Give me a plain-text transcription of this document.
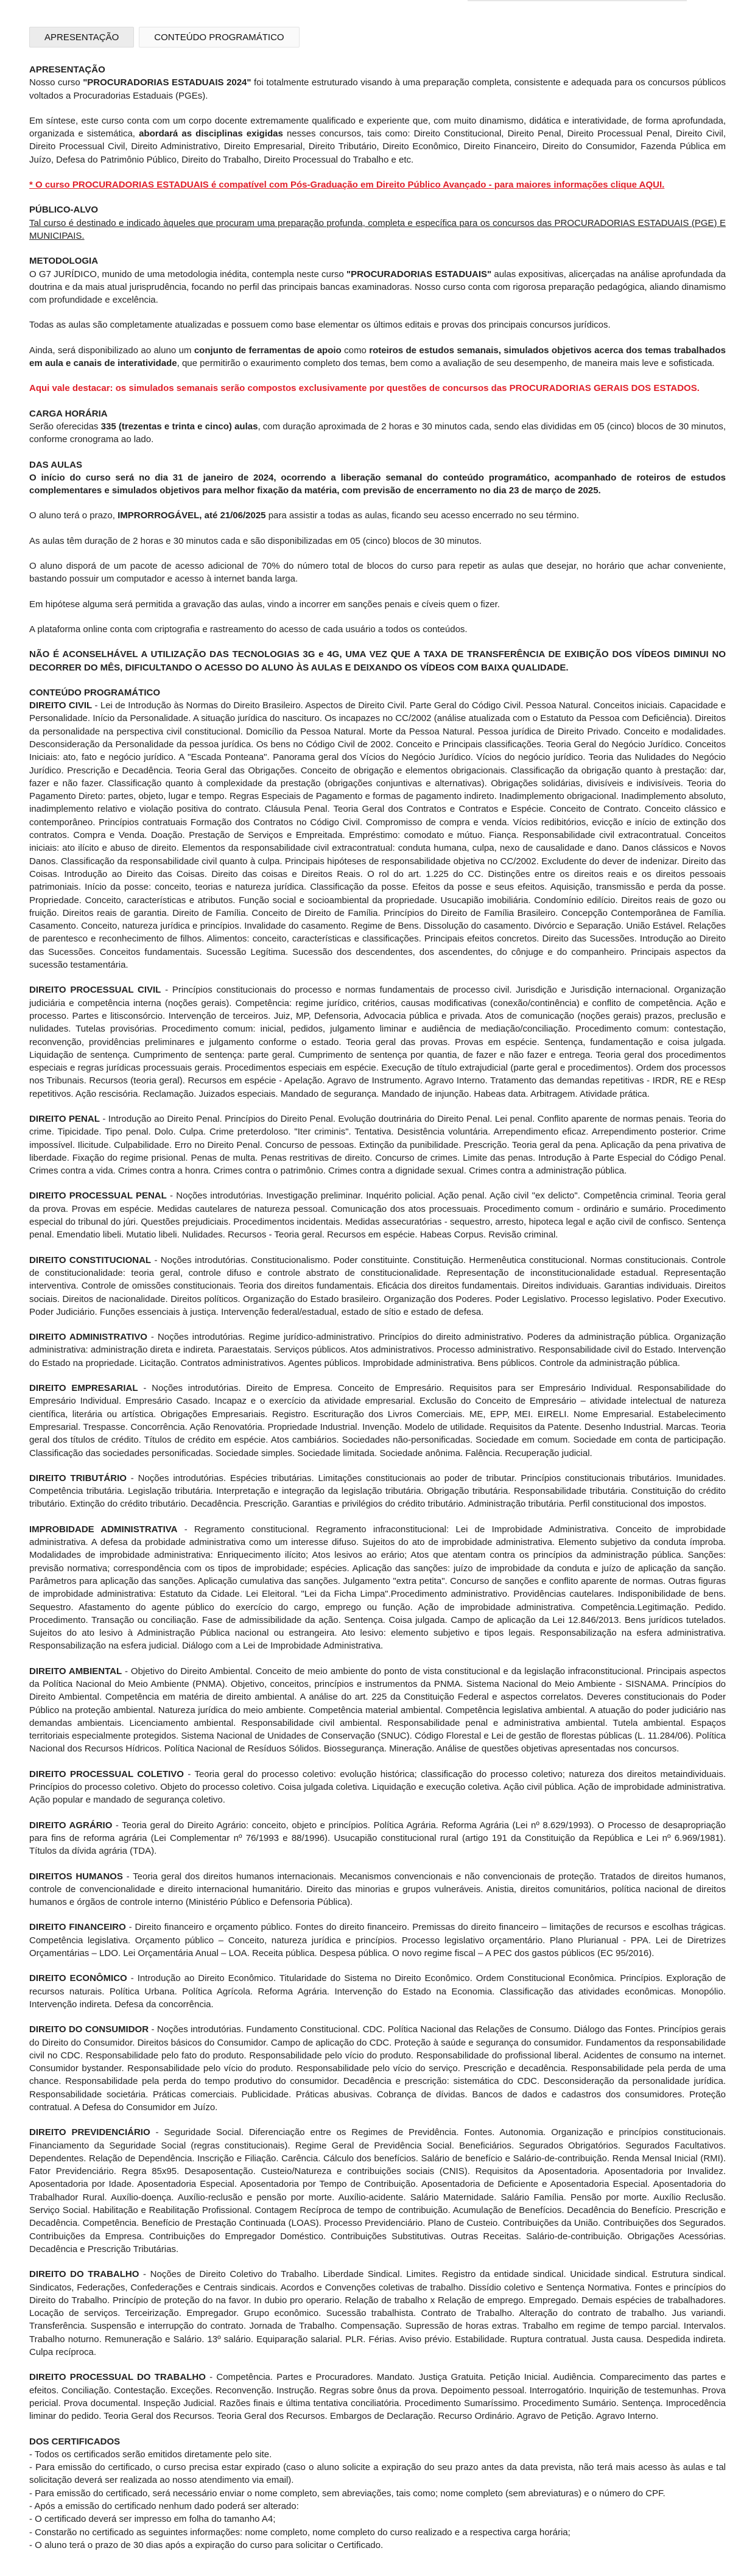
APRESENTAÇÃO	CONTEÚDO PROGRAMÁTICO
APRESENTAÇÃO

Nosso curso "PROCURADORIAS ESTADUAIS 2024" foi totalmente estruturado visando à uma preparação completa, consistente e adequada para os concursos públicos voltados a Procuradorias Estaduais (PGEs).

Em síntese, este curso conta com um corpo docente extremamente qualificado e experiente que, com muito dinamismo, didática e interatividade, de forma aprofundada, organizada e sistemática, abordará as disciplinas exigidas nesses concursos, tais como: Direito Constitucional, Direito Penal, Direito Processual Penal, Direito Civil, Direito Processual Civil, Direito Administrativo, Direito Empresarial, Direito Tributário, Direito Econômico, Direito Financeiro, Direito do Consumidor, Fazenda Pública em Juízo, Defesa do Patrimônio Público, Direito do Trabalho, Direito Processual do Trabalho e etc.

* O curso PROCURADORIAS ESTADUAIS é compatível com Pós-Graduação em Direito Público Avançado - para maiores informações clique AQUI.

PÚBLICO-ALVO

Tal curso é destinado e indicado àqueles que procuram uma preparação profunda, completa e específica para os concursos das PROCURADORIAS ESTADUAIS (PGE) E MUNICIPAIS.

METODOLOGIA

O G7 JURÍDICO, munido de uma metodologia inédita, contempla neste curso "PROCURADORIAS ESTADUAIS" aulas expositivas, alicerçadas na análise aprofundada da doutrina e da mais atual jurisprudência, focando no perfil das principais bancas examinadoras. Nosso curso conta com rigorosa preparação pedagógica, aliando dinamismo com profundidade e excelência.

Todas as aulas são completamente atualizadas e possuem como base elementar os últimos editais e provas dos principais concursos jurídicos.

Ainda, será disponibilizado ao aluno um conjunto de ferramentas de apoio como roteiros de estudos semanais, simulados objetivos acerca dos temas trabalhados em aula e canais de interatividade, que permitirão o exaurimento completo dos temas, bem como a avaliação de seu desempenho, de maneira mais leve e sofisticada.

Aqui vale destacar: os simulados semanais serão compostos exclusivamente por questões de concursos das PROCURADORIAS GERAIS DOS ESTADOS.

CARGA HORÁRIA

Serão oferecidas 335 (trezentas e trinta e cinco) aulas, com duração aproximada de 2 horas e 30 minutos cada, sendo elas divididas em 05 (cinco) blocos de 30 minutos, conforme cronograma ao lado.

DAS AULAS

O início do curso será no dia 31 de janeiro de 2024, ocorrendo a liberação semanal do conteúdo programático, acompanhado de roteiros de estudos complementares e simulados objetivos para melhor fixação da matéria, com previsão de encerramento no dia 23 de março de 2025.

O aluno terá o prazo, IMPRORROGÁVEL, até 21/06/2025 para assistir a todas as aulas, ficando seu acesso encerrado no seu término.

As aulas têm duração de 2 horas e 30 minutos cada e são disponibilizadas em 05 (cinco) blocos de 30 minutos.

O aluno disporá de um pacote de acesso adicional de 70% do número total de blocos do curso para repetir as aulas que desejar, no horário que achar conveniente, bastando possuir um computador e acesso à internet banda larga.

Em hipótese alguma será permitida a gravação das aulas, vindo a incorrer em sanções penais e cíveis quem o fizer.

A plataforma online conta com criptografia e rastreamento do acesso de cada usuário a todos os conteúdos.

NÃO É ACONSELHÁVEL A UTILIZAÇÃO DAS TECNOLOGIAS 3G e 4G, UMA VEZ QUE A TAXA DE TRANSFERÊNCIA DE EXIBIÇÃO DOS VÍDEOS DIMINUI NO DECORRER DO MÊS, DIFICULTANDO O ACESSO DO ALUNO ÀS AULAS E DEIXANDO OS VÍDEOS COM BAIXA QUALIDADE.

CONTEÚDO PROGRAMÁTICO
DIREITO CIVIL - Lei de Introdução às Normas do Direito Brasileiro. Aspectos de Direito Civil. Parte Geral do Código Civil. Pessoa Natural. Conceitos iniciais. Capacidade e Personalidade. Início da Personalidade. A situação jurídica do nascituro. Os incapazes no CC/2002 (análise atualizada com o Estatuto da Pessoa com Deficiência). Direitos da personalidade na perspectiva civil constitucional. Domicílio da Pessoa Natural. Morte da Pessoa Natural. Pessoa jurídica de Direito Privado. Conceito e modalidades. Desconsideração da Personalidade da pessoa jurídica. Os bens no Código Civil de 2002. Conceito e Principais classificações. Teoria Geral do Negócio Jurídico. Conceitos Iniciais: ato, fato e negócio jurídico. A "Escada Ponteana". Panorama geral dos Vícios do Negócio Jurídico. Vícios do negócio jurídico. Teoria das Nulidades do Negócio Jurídico. Prescrição e Decadência. Teoria Geral das Obrigações. Conceito de obrigação e elementos obrigacionais. Classificação da obrigação quanto à prestação: dar, fazer e não fazer. Classificação quanto à complexidade da prestação (obrigações conjuntivas e alternativas). Obrigações solidárias, divisíveis e indivisíveis. Teoria do Pagamento Direto: partes, objeto, lugar e tempo. Regras Especiais de Pagamento e formas de pagamento indireto. Inadimplemento obrigacional. Inadimplemento absoluto, inadimplemento relativo e violação positiva do contrato. Cláusula Penal. Teoria Geral dos Contratos e Contratos e Espécie. Conceito de Contrato. Conceito clássico e contemporâneo. Princípios contratuais Formação dos Contratos no Código Civil. Compromisso de compra e venda. Vícios redibitórios, evicção e início de extinção dos contratos. Compra e Venda. Doação. Prestação de Serviços e Empreitada. Empréstimo: comodato e mútuo. Fiança. Responsabilidade civil extracontratual. Conceitos iniciais: ato ilícito e abuso de direito. Elementos da responsabilidade civil extracontratual: conduta humana, culpa, nexo de causalidade e dano. Danos clássicos e Novos Danos. Classificação da responsabilidade civil quanto à culpa. Principais hipóteses de responsabilidade objetiva no CC/2002. Excludente do dever de indenizar. Direito das Coisas. Introdução ao Direito das Coisas. Direito das coisas e Direitos Reais. O rol do art. 1.225 do CC. Distinções entre os direitos reais e os direitos pessoais patrimoniais. Início da posse: conceito, teorias e natureza jurídica. Classificação da posse. Efeitos da posse e seus efeitos. Aquisição, transmissão e perda da posse. Propriedade. Conceito, características e atributos. Função social e socioambiental da propriedade. Usucapião imobiliária. Condomínio edilício. Direitos reais de gozo ou fruição. Direitos reais de garantia. Direito de Família. Conceito de Direito de Família. Princípios do Direito de Família Brasileiro. Concepção Contemporânea de Família. Casamento. Conceito, natureza jurídica e princípios. Invalidade do casamento. Regime de Bens. Dissolução do casamento. Divórcio e Separação. União Estável. Relações de parentesco e reconhecimento de filhos. Alimentos: conceito, características e classificações. Principais efeitos concretos. Direito das Sucessões. Introdução ao Direito das Sucessões. Conceitos fundamentais. Sucessão Legítima. Sucessão dos descendentes, dos ascendentes, do cônjuge e do companheiro. Principais aspectos da sucessão testamentária.
DIREITO PROCESSUAL CIVIL - Princípios constitucionais do processo e normas fundamentais de processo civil. Jurisdição e Jurisdição internacional. Organização judiciária e competência interna (noções gerais). Competência: regime jurídico, critérios, causas modificativas (conexão/continência) e conflito de competência. Ação e processo. Partes e litisconsórcio. Intervenção de terceiros. Juiz, MP, Defensoria, Advocacia pública e privada. Atos de comunicação (noções gerais) prazos, preclusão e nulidades. Tutelas provisórias. Procedimento comum: inicial, pedidos, julgamento liminar e audiência de mediação/conciliação. Procedimento comum: contestação, reconvenção, providências preliminares e julgamento conforme o estado. Teoria geral das provas. Provas em espécie. Sentença, fundamentação e coisa julgada. Liquidação de sentença. Cumprimento de sentença: parte geral. Cumprimento de sentença por quantia, de fazer e não fazer e entrega. Teoria geral dos procedimentos especiais e regras jurídicas processuais gerais. Procedimentos especiais em espécie. Execução de título extrajudicial (parte geral e procedimentos). Ordem dos processos nos Tribunais. Recursos (teoria geral). Recursos em espécie - Apelação. Agravo de Instrumento. Agravo Interno. Tratamento das demandas repetitivas - IRDR, RE e REsp repetitivos. Ação rescisória. Reclamação. Juizados especiais. Mandado de segurança. Mandado de injunção. Habeas data. Arbitragem. Atividade prática.
DIREITO PENAL - Introdução ao Direito Penal. Princípios do Direito Penal. Evolução doutrinária do Direito Penal. Lei penal. Conflito aparente de normas penais. Teoria do crime. Tipicidade. Tipo penal. Dolo. Culpa. Crime preterdoloso. "Iter criminis". Tentativa. Desistência voluntária. Arrependimento eficaz. Arrependimento posterior. Crime impossível. Ilicitude. Culpabilidade. Erro no Direito Penal. Concurso de pessoas. Extinção da punibilidade. Prescrição. Teoria geral da pena. Aplicação da pena privativa de liberdade. Fixação do regime prisional. Penas de multa. Penas restritivas de direito. Concurso de crimes. Limite das penas. Introdução à Parte Especial do Código Penal. Crimes contra a vida. Crimes contra a honra. Crimes contra o patrimônio. Crimes contra a dignidade sexual. Crimes contra a administração pública.
DIREITO PROCESSUAL PENAL - Noções introdutórias. Investigação preliminar. Inquérito policial. Ação penal. Ação civil "ex delicto". Competência criminal. Teoria geral da prova. Provas em espécie. Medidas cautelares de natureza pessoal. Comunicação dos atos processuais. Procedimento comum - ordinário e sumário. Procedimento especial do tribunal do júri. Questões prejudiciais. Procedimentos incidentais. Medidas assecuratórias - sequestro, arresto, hipoteca legal e ação civil de confisco. Sentença penal. Emendatio libeli. Mutatio libeli. Nulidades. Recursos - Teoria geral. Recursos em espécie. Habeas Corpus. Revisão criminal.
DIREITO CONSTITUCIONAL - Noções introdutórias. Constitucionalismo. Poder constituinte. Constituição. Hermenêutica constitucional. Normas constitucionais. Controle de constitucionalidade: teoria geral, controle difuso e controle abstrato de constitucionalidade. Representação de inconstitucionalidade estadual. Representação interventiva. Controle de omissões constitucionais. Teoria dos direitos fundamentais. Eficácia dos direitos fundamentais. Direitos individuais. Garantias individuais. Direitos sociais. Direitos de nacionalidade. Direitos políticos. Organização do Estado brasileiro. Organização dos Poderes. Poder Legislativo. Processo legislativo. Poder Executivo. Poder Judiciário. Funções essenciais à justiça. Intervenção federal/estadual, estado de sítio e estado de defesa.
DIREITO ADMINISTRATIVO - Noções introdutórias. Regime jurídico-administrativo. Princípios do direito administrativo. Poderes da administração pública. Organização administrativa: administração direta e indireta. Paraestatais. Serviços públicos. Atos administrativos. Processo administrativo. Responsabilidade civil do Estado. Intervenção do Estado na propriedade. Licitação. Contratos administrativos. Agentes públicos. Improbidade administrativa. Bens públicos. Controle da administração pública.
DIREITO EMPRESARIAL - Noções introdutórias. Direito de Empresa. Conceito de Empresário. Requisitos para ser Empresário Individual. Responsabilidade do Empresário Individual. Empresário Casado. Incapaz e o exercício da atividade empresarial. Exclusão do Conceito de Empresário – atividade intelectual de natureza científica, literária ou artística. Obrigações Empresariais. Registro. Escrituração dos Livros Comerciais. ME, EPP, MEI. EIRELI. Nome Empresarial. Estabelecimento Empresarial. Trespasse. Concorrência. Ação Renovatória. Propriedade Industrial. Invenção. Modelo de utilidade. Requisitos da Patente. Desenho Industrial. Marcas. Teoria geral dos títulos de crédito. Títulos de crédito em espécie. Atos cambiários. Sociedades não-personificadas. Sociedade em comum. Sociedade em conta de participação. Classificação das sociedades personificadas. Sociedade simples. Sociedade limitada. Sociedade anônima. Falência. Recuperação judicial.
DIREITO TRIBUTÁRIO - Noções introdutórias. Espécies tributárias. Limitações constitucionais ao poder de tributar. Princípios constitucionais tributários. Imunidades. Competência tributária. Legislação tributária. Interpretação e integração da legislação tributária. Obrigação tributária. Responsabilidade tributária. Constituição do crédito tributário. Extinção do crédito tributário. Decadência. Prescrição. Garantias e privilégios do crédito tributário. Administração tributária. Perfil constitucional dos impostos.
IMPROBIDADE ADMINISTRATIVA - Regramento constitucional. Regramento infraconstitucional: Lei de Improbidade Administrativa. Conceito de improbidade administrativa. A defesa da probidade administrativa como um interesse difuso. Sujeitos do ato de improbidade administrativa. Elemento subjetivo da conduta ímproba. Modalidades de improbidade administrativa: Enriquecimento ilícito; Atos lesivos ao erário; Atos que atentam contra os princípios da administração pública. Sanções: previsão normativa; correspondência com os tipos de improbidade; espécies. Aplicação das sanções: juízo de improbidade da conduta e juízo de aplicação da sanção. Parâmetros para aplicação das sanções. Aplicação cumulativa das sanções. Julgamento "extra petita". Concurso de sanções e conflito aparente de normas. Outras figuras de improbidade administrativa: Estatuto da Cidade. Lei Eleitoral. "Lei da Ficha Limpa".Procedimento administrativo. Providências cautelares. Indisponibilidade de bens. Sequestro. Afastamento do agente público do exercício do cargo, emprego ou função. Ação de improbidade administrativa. Competência.Legitimação. Pedido. Procedimento. Transação ou conciliação. Fase de admissibilidade da ação. Sentença. Coisa julgada. Campo de aplicação da Lei 12.846/2013. Bens jurídicos tutelados. Sujeitos do ato lesivo à Administração Pública nacional ou estrangeira. Ato lesivo: elemento subjetivo e tipos legais. Responsabilização na esfera administrativa. Responsabilização na esfera judicial. Diálogo com a Lei de Improbidade Administrativa.
DIREITO AMBIENTAL - Objetivo do Direito Ambiental. Conceito de meio ambiente do ponto de vista constitucional e da legislação infraconstitucional. Principais aspectos da Política Nacional do Meio Ambiente (PNMA). Objetivo, conceitos, princípios e instrumentos da PNMA. Sistema Nacional do Meio Ambiente - SISNAMA. Princípios do Direito Ambiental. Competência em matéria de direito ambiental. A análise do art. 225 da Constituição Federal e aspectos correlatos. Deveres constitucionais do Poder Público na proteção ambiental. Natureza jurídica do meio ambiente. Competência material ambiental. Competência legislativa ambiental. A atuação do poder judiciário nas demandas ambientais. Licenciamento ambiental. Responsabilidade civil ambiental. Responsabilidade penal e administrativa ambiental. Tutela ambiental. Espaços territoriais especialmente protegidos. Sistema Nacional de Unidades de Conservação (SNUC). Código Florestal e Lei de gestão de florestas públicas (L. 11.284/06). Política Nacional dos Recursos Hídricos. Política Nacional de Resíduos Sólidos. Biossegurança. Mineração. Análise de questões objetivas apresentadas nos concursos.
DIREITO PROCESSUAL COLETIVO - Teoria geral do processo coletivo: evolução histórica; classificação do processo coletivo; natureza dos direitos metaindividuais. Princípios do processo coletivo. Objeto do processo coletivo. Coisa julgada coletiva. Liquidação e execução coletiva. Ação civil pública. Ação de improbidade administrativa. Ação popular e mandado de segurança coletivo.
DIREITO AGRÁRIO - Teoria geral do Direito Agrário: conceito, objeto e princípios. Política Agrária. Reforma Agrária (Lei nº 8.629/1993). O Processo de desapropriação para fins de reforma agrária (Lei Complementar nº 76/1993 e 88/1996). Usucapião constitucional rural (artigo 191 da Constituição da República e Lei nº 6.969/1981). Títulos da dívida agrária (TDA).
DIREITOS HUMANOS - Teoria geral dos direitos humanos internacionais. Mecanismos convencionais e não convencionais de proteção. Tratados de direitos humanos, controle de convencionalidade e direito internacional humanitário. Direito das minorias e grupos vulneráveis. Anistia, direitos comunitários, política nacional de direitos humanos e órgãos de controle interno (Ministério Público e Defensoria Pública).
DIREITO FINANCEIRO - Direito financeiro e orçamento público. Fontes do direito financeiro. Premissas do direito financeiro – limitações de recursos e escolhas trágicas. Competência legislativa. Orçamento público – Conceito, natureza jurídica e princípios. Processo legislativo orçamentário. Plano Plurianual - PPA. Lei de Diretrizes Orçamentárias – LDO. Lei Orçamentária Anual – LOA. Receita pública. Despesa pública. O novo regime fiscal – A PEC dos gastos públicos (EC 95/2016).
DIREITO ECONÔMICO - Introdução ao Direito Econômico. Titularidade do Sistema no Direito Econômico. Ordem Constitucional Econômica. Princípios. Exploração de recursos naturais. Política Urbana. Política Agrícola. Reforma Agrária. Intervenção do Estado na Economia. Classificação das atividades econômicas. Monopólio. Intervenção indireta. Defesa da concorrência.
DIREITO DO CONSUMIDOR - Noções introdutórias. Fundamento Constitucional. CDC. Política Nacional das Relações de Consumo. Diálogo das Fontes. Princípios gerais do Direito do Consumidor. Direitos básicos do Consumidor. Campo de aplicação do CDC. Proteção à saúde e segurança do consumidor. Fundamentos da responsabilidade civil no CDC. Responsabilidade pelo fato do produto. Responsabilidade pelo vício do produto. Responsabilidade do profissional liberal. Acidentes de consumo na internet. Consumidor bystander. Responsabilidade pelo vício do produto. Responsabilidade pelo vício do serviço. Prescrição e decadência. Responsabilidade pela perda de uma chance. Responsabilidade pela perda do tempo produtivo do consumidor. Decadência e prescrição: sistemática do CDC. Desconsideração da personalidade jurídica. Responsabilidade societária. Práticas comerciais. Publicidade. Práticas abusivas. Cobrança de dívidas. Bancos de dados e cadastros dos consumidores. Proteção contratual. A Defesa do Consumidor em Juízo.
DIREITO PREVIDENCIÁRIO - Seguridade Social. Diferenciação entre os Regimes de Previdência. Fontes. Autonomia. Organização e princípios constitucionais. Financiamento da Seguridade Social (regras constitucionais). Regime Geral de Previdência Social. Beneficiários. Segurados Obrigatórios. Segurados Facultativos. Dependentes. Relação de Dependência. Inscrição e Filiação. Carência. Cálculo dos benefícios. Salário de benefício e Salário-de-contribuição. Renda Mensal Inicial (RMI). Fator Previdenciário. Regra 85x95. Desaposentação. Custeio/Natureza e contribuições sociais (CNIS). Requisitos da Aposentadoria. Aposentadoria por Invalidez. Aposentadoria por Idade. Aposentadoria Especial. Aposentadoria por Tempo de Contribuição. Aposentadoria de Deficiente e Aposentadoria Especial. Aposentadoria do Trabalhador Rural. Auxílio-doença. Auxílio-reclusão e pensão por morte. Auxílio-acidente. Salário Maternidade. Salário Família. Pensão por morte. Auxílio Reclusão. Serviço Social. Habilitação e Reabilitação Profissional. Contagem Recíproca de tempo de contribuição. Acumulação de Benefícios. Decadência do Benefício. Prescrição e Decadência. Competência. Benefício de Prestação Continuada (LOAS). Processo Previdenciário. Plano de Custeio. Contribuições da União. Contribuições dos Segurados. Contribuições da Empresa. Contribuições do Empregador Doméstico. Contribuições Substitutivas. Outras Receitas. Salário-de-contribuição. Obrigações Acessórias. Decadência e Prescrição Tributárias.
DIREITO DO TRABALHO - Noções de Direito Coletivo do Trabalho. Liberdade Sindical. Limites. Registro da entidade sindical. Unicidade sindical. Estrutura sindical. Sindicatos, Federações, Confederações e Centrais sindicais. Acordos e Convenções coletivas de trabalho. Dissídio coletivo e Sentença Normativa. Fontes e princípios do Direito do Trabalho. Princípio de proteção do na favor. In dubio pro operario. Relação de trabalho x Relação de emprego. Empregado. Demais espécies de trabalhadores. Locação de serviços. Terceirização. Empregador. Grupo econômico. Sucessão trabalhista. Contrato de Trabalho. Alteração do contrato de trabalho. Jus variandi. Transferência. Suspensão e interrupção do contrato. Jornada de Trabalho. Compensação. Supressão de horas extras. Trabalho em regime de tempo parcial. Intervalos. Trabalho noturno. Remuneração e Salário. 13º salário. Equiparação salarial. PLR. Férias. Aviso prévio. Estabilidade. Ruptura contratual. Justa causa. Despedida indireta. Culpa recíproca.
DIREITO PROCESSUAL DO TRABALHO - Competência. Partes e Procuradores. Mandato. Justiça Gratuita. Petição Inicial. Audiência. Comparecimento das partes e efeitos. Conciliação. Contestação. Exceções. Reconvenção. Instrução. Regras sobre ônus da prova. Depoimento pessoal. Interrogatório. Inquirição de testemunhas. Prova pericial. Prova documental. Inspeção Judicial. Razões finais e última tentativa conciliatória. Procedimento Sumaríssimo. Procedimento Sumário. Sentença. Improcedência liminar do pedido. Teoria Geral dos Recursos. Teoria Geral dos Recursos. Embargos de Declaração. Recurso Ordinário. Agravo de Petição. Agravo Interno.
DOS CERTIFICADOS

- Todos os certificados serão emitidos diretamente pelo site.

- Para emissão do certificado, o curso precisa estar expirado (caso o aluno solicite a expiração do seu prazo antes da data prevista, não terá mais acesso às aulas e tal solicitação deverá ser realizada ao nosso atendimento via email).

- Para emissão do certificado, será necessário enviar o nome completo, sem abreviações, tais como; nome completo (sem abreviaturas) e o número do CPF.

- Após a emissão do certificado nenhum dado poderá ser alterado:

- O certificado deverá ser impresso em folha do tamanho A4;

- Constarão no certificado as seguintes informações: nome completo, nome completo do curso realizado e a respectiva carga horária;

- O aluno terá o prazo de 30 dias após a expiração do curso para solicitar o Certificado.
